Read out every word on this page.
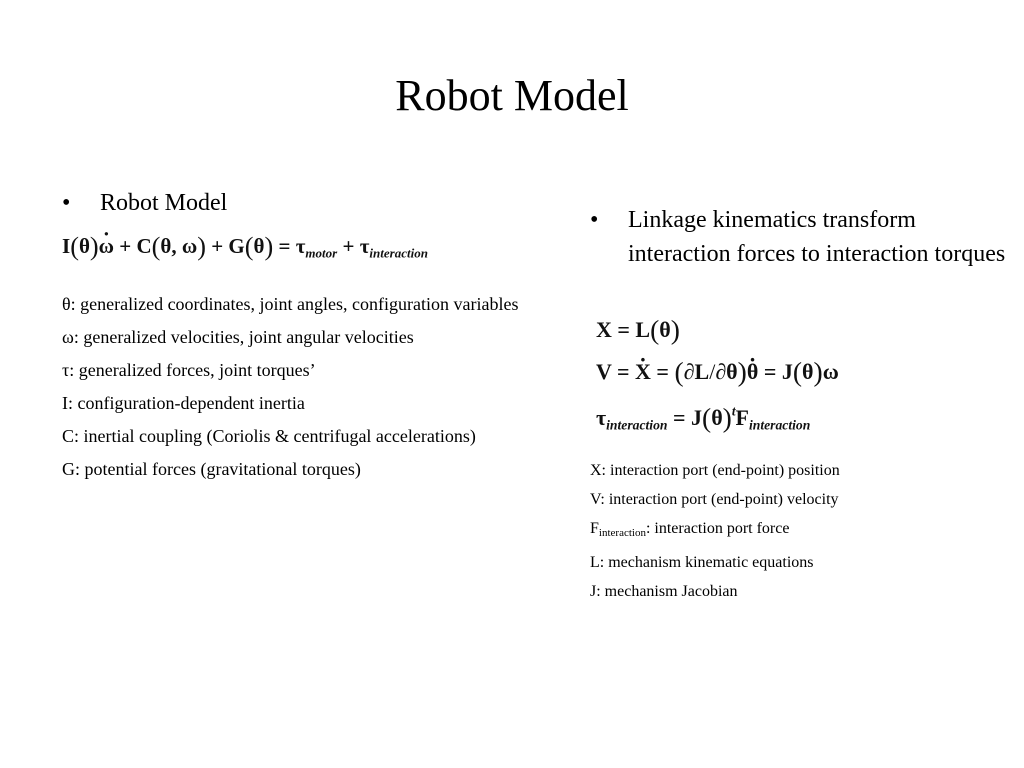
Robot Model
•	Robot Model
I(θ)· ω + C(θ, $\omega) + G(\theta) = \tau_{motor} + \tau_{interaction}$
θ: generalized coordinates, joint angles, configuration variables
ω: generalized velocities, joint angular velocities
τ: generalized forces, joint torques’
I: configuration-dependent inertia
C: inertial coupling (Coriolis & centrifugal accelerations)
G: potential forces (gravitational torques)
•	Linkage kinematics transform interaction forces to interaction torques
X = L(θ)
V = · X = (∂L/∂θ)· θ = J(θ)ω
$\tau_{interaction} = J(\theta)^tF_{interaction}$
X: interaction port (end-point) position
V: interaction port (end-point) velocity
Finteraction: interaction port force
L: mechanism kinematic equations
J: mechanism Jacobian
